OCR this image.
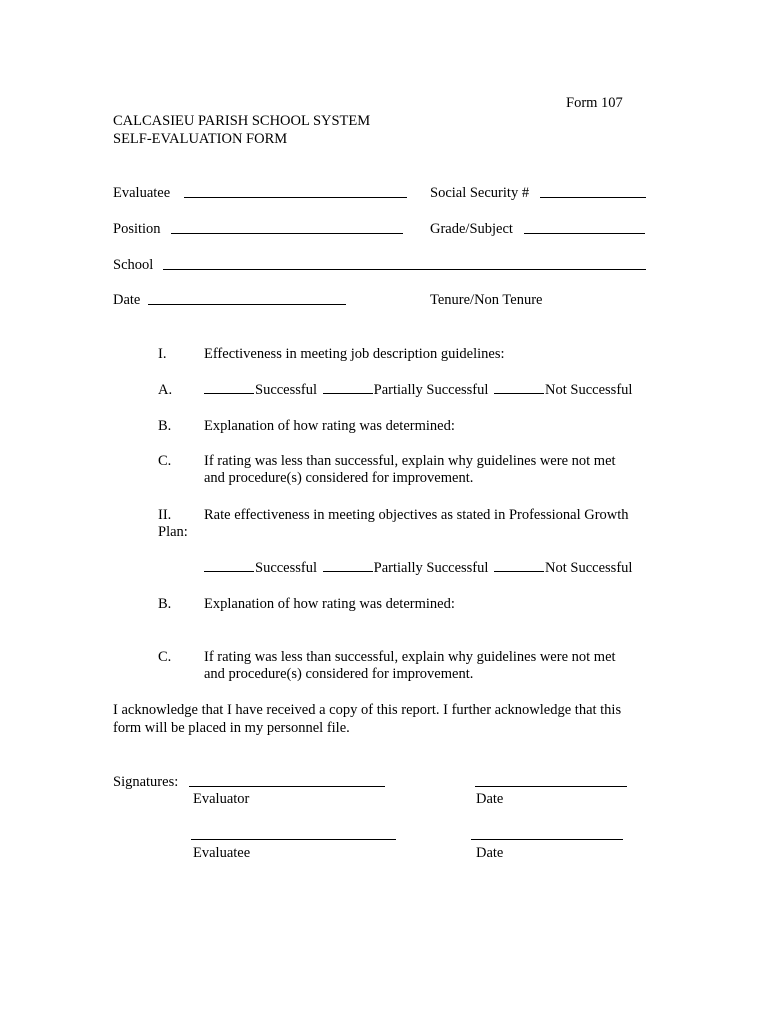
Form 107
CALCASIEU PARISH SCHOOL SYSTEM
SELF-EVALUATION FORM
Evaluatee	Social Security #
Position	Grade/Subject
School
Date	Tenure/Non Tenure
I.	Effectiveness in meeting job description guidelines:
A.	Successful	Partially Successful	Not Successful
B. Explanation of how rating was determined:
C. If rating was less than successful, explain why guidelines were not met
and procedure(s) considered for improvement.
II. Rate effectiveness in meeting objectives as stated in Professional Growth
Plan:
Successful	Partially Successful	Not Successful
B. Explanation of how rating was determined:
C. If rating was less than successful, explain why guidelines were not met
and procedure(s) considered for improvement.
I acknowledge that I have received a copy of this report. I further acknowledge that this
form will be placed in my personnel file.
Signatures:
Evaluator	Date
Evaluatee	Date
